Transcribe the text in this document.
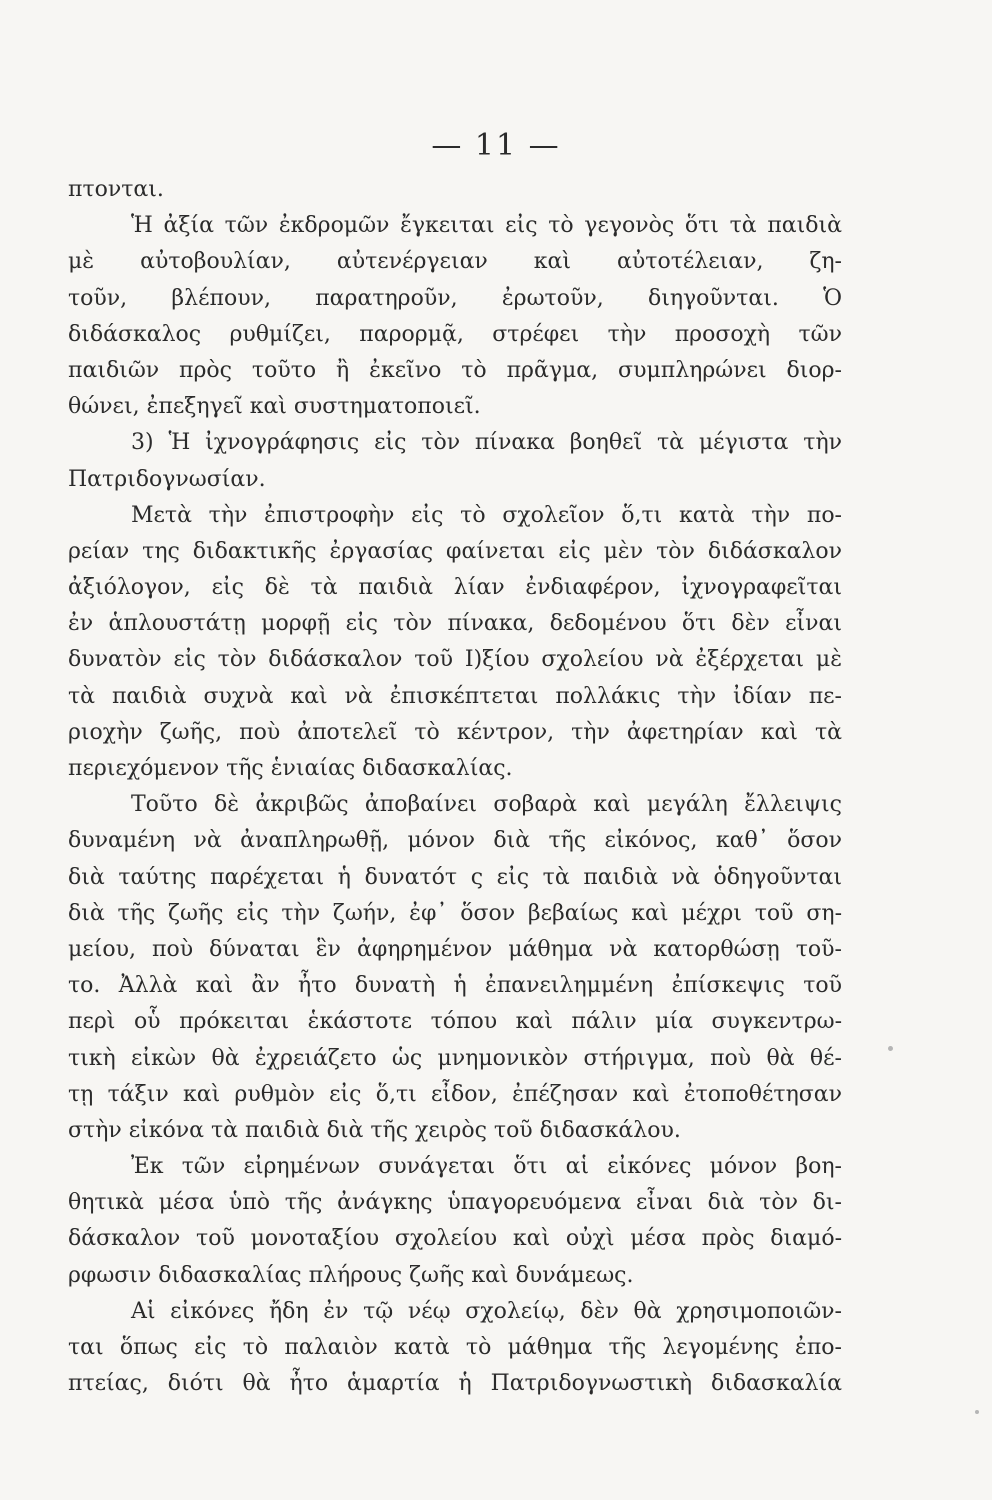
— 11 —
πτονται.
Ἡ ἀξία τῶν ἐκδρομῶν ἔγκειται εἰς τὸ γεγονὸς ὅτι τὰ παιδιὰ
μὲ αὐτοβουλίαν, αὐτενέργειαν καὶ αὐτοτέλειαν, ζη-
τοῦν, βλέπουν, παρατηροῦν, ἐρωτοῦν, διηγοῦνται. Ὁ
διδάσκαλος ρυθμίζει, παρορμᾷ, στρέφει τὴν προσοχὴ τῶν
παιδιῶν πρὸς τοῦτο ἢ ἐκεῖνο τὸ πρᾶγμα, συμπληρώνει διορ-
θώνει, ἐπεξηγεῖ καὶ συστηματοποιεῖ.
3) Ἡ ἰχνογράφησις εἰς τὸν πίνακα βοηθεῖ τὰ μέγιστα τὴν
Πατριδογνωσίαν.
Μετὰ τὴν ἐπιστροφὴν εἰς τὸ σχολεῖον ὅ,τι κατὰ τὴν πο-
ρείαν της διδακτικῆς ἐργασίας φαίνεται εἰς μὲν τὸν διδάσκαλον
ἀξιόλογον, εἰς δὲ τὰ παιδιὰ λίαν ἐνδιαφέρον, ἰχνογραφεῖται
ἐν ἁπλουστάτῃ μορφῇ εἰς τὸν πίνακα, δεδομένου ὅτι δὲν εἶναι
δυνατὸν εἰς τὸν διδάσκαλον τοῦ Ι)ξίου σχολείου νὰ ἐξέρχεται μὲ
τὰ παιδιὰ συχνὰ καὶ νὰ ἐπισκέπτεται πολλάκις τὴν ἰδίαν πε-
ριοχὴν ζωῆς, ποὺ ἀποτελεῖ τὸ κέντρον, τὴν ἀφετηρίαν καὶ τὰ
περιεχόμενον τῆς ἑνιαίας διδασκαλίας.
Τοῦτο δὲ ἀκριβῶς ἀποβαίνει σοβαρὰ καὶ μεγάλη ἔλλειψις
δυναμένη νὰ ἀναπληρωθῇ, μόνον διὰ τῆς εἰκόνος, καθ᾽ ὅσον
διὰ ταύτης παρέχεται ἡ δυνατότ ς εἰς τὰ παιδιὰ νὰ ὁδηγοῦνται
διὰ τῆς ζωῆς εἰς τὴν ζωήν, ἐφ᾽ ὅσον βεβαίως καὶ μέχρι τοῦ ση-
μείου, ποὺ δύναται ἓν ἀφηρημένον μάθημα νὰ κατορθώσῃ τοῦ-
το. Ἀλλὰ καὶ ἂν ἦτο δυνατὴ ἡ ἐπανειλημμένη ἐπίσκεψις τοῦ
περὶ οὗ πρόκειται ἑκάστοτε τόπου καὶ πάλιν μία συγκεντρω-
τικὴ εἰκὼν θὰ ἐχρειάζετο ὡς μνημονικὸν στήριγμα, ποὺ θὰ θέ-
τῃ τάξιν καὶ ρυθμὸν εἰς ὅ,τι εἶδον, ἐπέζησαν καὶ ἐτοποθέτησαν
στὴν εἰκόνα τὰ παιδιὰ διὰ τῆς χειρὸς τοῦ διδασκάλου.
Ἐκ τῶν εἰρημένων συνάγεται ὅτι αἱ εἰκόνες μόνον βοη-
θητικὰ μέσα ὑπὸ τῆς ἀνάγκης ὑπαγορευόμενα εἶναι διὰ τὸν δι-
δάσκαλον τοῦ μονοταξίου σχολείου καὶ οὐχὶ μέσα πρὸς διαμό-
ρφωσιν διδασκαλίας πλήρους ζωῆς καὶ δυνάμεως.
Αἱ εἰκόνες ἤδη ἐν τῷ νέῳ σχολείῳ, δὲν θὰ χρησιμοποιῶν-
ται ὅπως εἰς τὸ παλαιὸν κατὰ τὸ μάθημα τῆς λεγομένης ἐπο-
πτείας, διότι θὰ ἦτο ἁμαρτία ἡ Πατριδογνωστικὴ διδασκαλία
